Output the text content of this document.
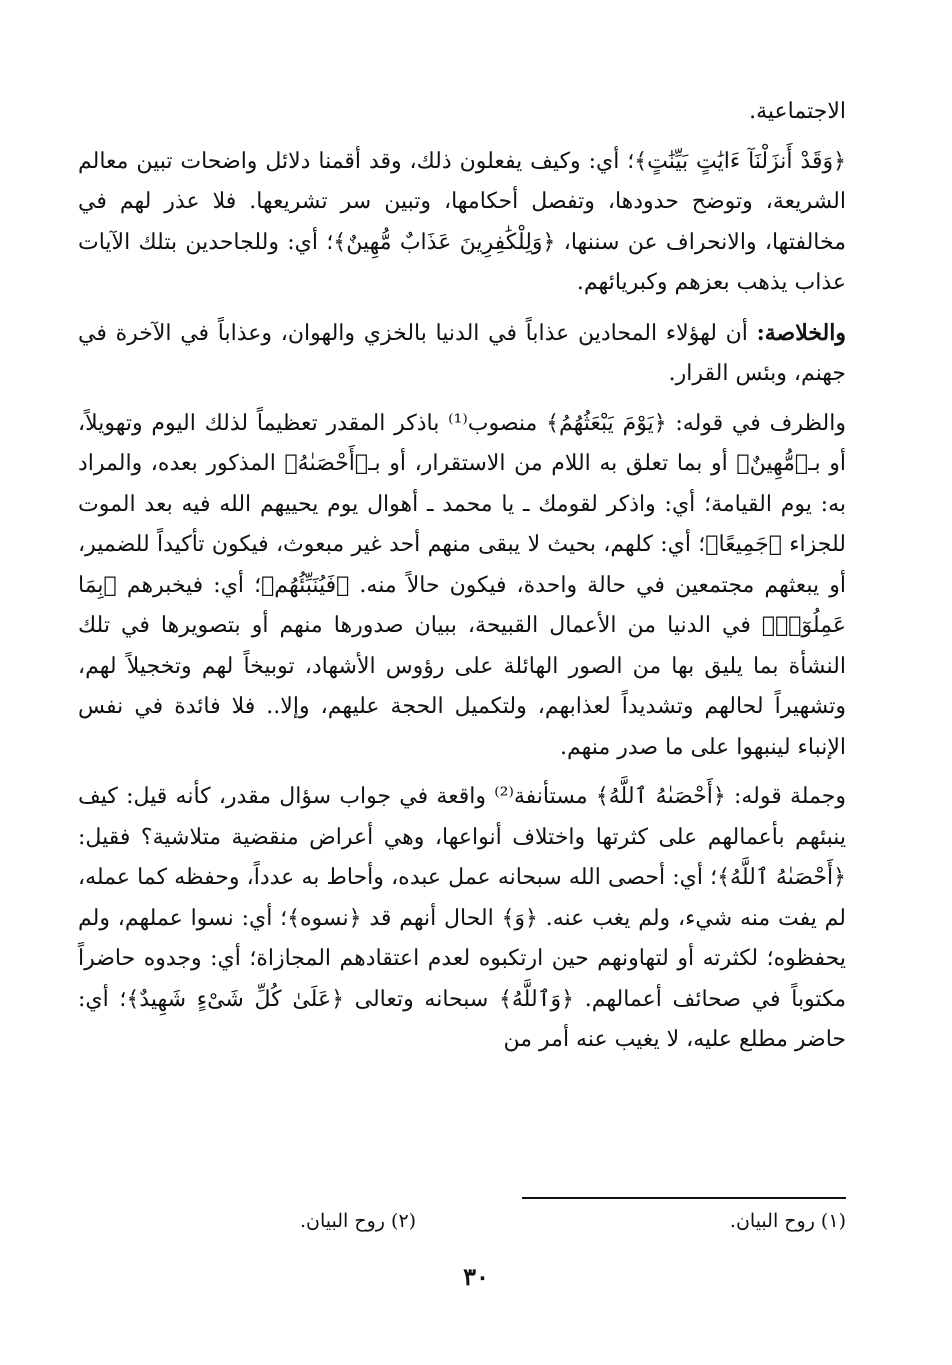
الاجتماعية.

﴿وَقَدْ أَنزَلْنَآ ءَايَٰتٍ بَيِّنَٰتٍ﴾؛ أي: وكيف يفعلون ذلك، وقد أقمنا دلائل واضحات تبين معالم الشريعة، وتوضح حدودها، وتفصل أحكامها، وتبين سر تشريعها. فلا عذر لهم في مخالفتها، والانحراف عن سننها، ﴿وَلِلْكَٰفِرِينَ عَذَابٌ مُّهِينٌ﴾؛ أي: وللجاحدين بتلك الآيات عذاب يذهب بعزهم وكبريائهم.

والخلاصة: أن لهؤلاء المحادين عذاباً في الدنيا بالخزي والهوان، وعذاباً في الآخرة في جهنم، وبئس القرار.

والظرف في قوله: ﴿يَوْمَ يَبْعَثُهُمُ﴾ منصوب⁽¹⁾ باذكر المقدر تعظيماً لذلك اليوم وتهويلاً، أو بـ﴿مُّهِينٌ﴾ أو بما تعلق به اللام من الاستقرار، أو بـ﴿أَحْصَىٰهُ﴾ المذكور بعده، والمراد به: يوم القيامة؛ أي: واذكر لقومك ـ يا محمد ـ أهوال يوم يحييهم الله فيه بعد الموت للجزاء ﴿جَمِيعًا﴾؛ أي: كلهم، بحيث لا يبقى منهم أحد غير مبعوث، فيكون تأكيداً للضمير، أو يبعثهم مجتمعين في حالة واحدة، فيكون حالاً منه. ﴿فَيُنَبِّئُهُم﴾؛ أي: فيخبرهم ﴿بِمَا عَمِلُوٓا۟﴾ في الدنيا من الأعمال القبيحة، ببيان صدورها منهم أو بتصويرها في تلك النشأة بما يليق بها من الصور الهائلة على رؤوس الأشهاد، توبيخاً لهم وتخجيلاً لهم، وتشهيراً لحالهم وتشديداً لعذابهم، ولتكميل الحجة عليهم، وإلا.. فلا فائدة في نفس الإنباء لينبهوا على ما صدر منهم.

وجملة قوله: ﴿أَحْصَىٰهُ ٱللَّهُ﴾ مستأنفة⁽²⁾ واقعة في جواب سؤال مقدر، كأنه قيل: كيف ينبئهم بأعمالهم على كثرتها واختلاف أنواعها، وهي أعراض منقضية متلاشية؟ فقيل: ﴿أَحْصَىٰهُ ٱللَّهُ﴾؛ أي: أحصى الله سبحانه عمل عبده، وأحاط به عدداً، وحفظه كما عمله، لم يفت منه شيء، ولم يغب عنه. ﴿وَ﴾ الحال أنهم قد ﴿نسوه﴾؛ أي: نسوا عملهم، ولم يحفظوه؛ لكثرته أو لتهاونهم حين ارتكبوه لعدم اعتقادهم المجازاة؛ أي: وجدوه حاضراً مكتوباً في صحائف أعمالهم. ﴿وَٱللَّهُ﴾ سبحانه وتعالى ﴿عَلَىٰ كُلِّ شَىْءٍ شَهِيدٌ﴾؛ أي: حاضر مطلع عليه، لا يغيب عنه أمر من

(١) روح البيان.
(٢) روح البيان.
٣٠
